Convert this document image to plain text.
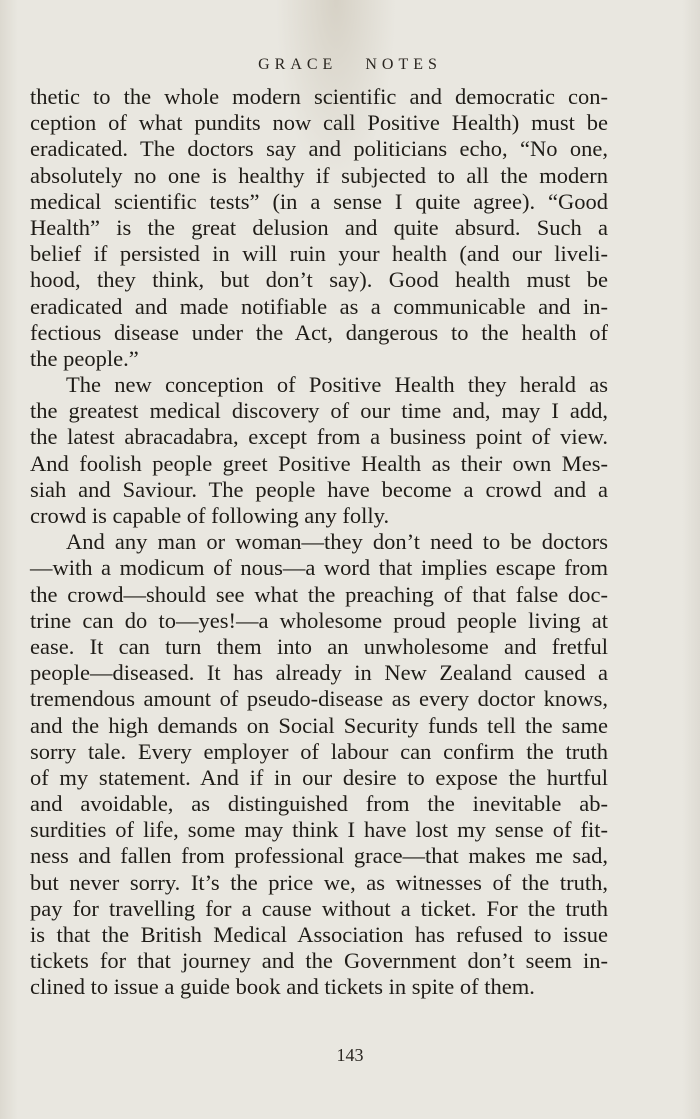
GRACE NOTES
thetic to the whole modern scientific and democratic con-
ception of what pundits now call Positive Health) must be
eradicated. The doctors say and politicians echo, “No one,
absolutely no one is healthy if subjected to all the modern
medical scientific tests” (in a sense I quite agree). “Good
Health” is the great delusion and quite absurd. Such a
belief if persisted in will ruin your health (and our liveli-
hood, they think, but don’t say). Good health must be
eradicated and made notifiable as a communicable and in-
fectious disease under the Act, dangerous to the health of
the people.”
The new conception of Positive Health they herald as
the greatest medical discovery of our time and, may I add,
the latest abracadabra, except from a business point of view.
And foolish people greet Positive Health as their own Mes-
siah and Saviour. The people have become a crowd and a
crowd is capable of following any folly.
And any man or woman—they don’t need to be doctors
—with a modicum of nous—a word that implies escape from
the crowd—should see what the preaching of that false doc-
trine can do to—yes!—a wholesome proud people living at
ease. It can turn them into an unwholesome and fretful
people—diseased. It has already in New Zealand caused a
tremendous amount of pseudo-disease as every doctor knows,
and the high demands on Social Security funds tell the same
sorry tale. Every employer of labour can confirm the truth
of my statement. And if in our desire to expose the hurtful
and avoidable, as distinguished from the inevitable ab-
surdities of life, some may think I have lost my sense of fit-
ness and fallen from professional grace—that makes me sad,
but never sorry. It’s the price we, as witnesses of the truth,
pay for travelling for a cause without a ticket. For the truth
is that the British Medical Association has refused to issue
tickets for that journey and the Government don’t seem in-
clined to issue a guide book and tickets in spite of them.
143
